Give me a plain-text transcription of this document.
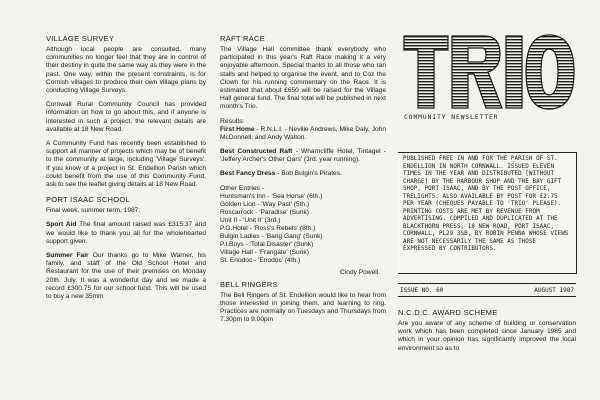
VILLAGE SURVEY

Although local people are consulted, many communities no longer feel that they are in control of their destiny in quite the same way as they were in the past. One way, within the present constraints, is for Cornish villages to produce their own village plans by conducting Village Surveys.

Cornwall Rural Community Council has provided information on how to go about this, and if anyone is interested in such a project, the relevant details are available at 18 New Road.

A Community Fund has recently been established to support all manner of projects which may be of benefit to the community at large, including 'Village Surveys'. If you know of a project in St. Endellion Parish which could benefit from the use of this Community Fund, ask to see the leaflet giving details at 18 New Road.

PORT ISAAC SCHOOL

Final week, summer term, 1987:

Sport Aid The final amount raised was £315.37 and we would like to thank you all for the wholehearted support given.

Summer Fair Our thanks go to Mike Warner, his family, and staff of the Old School Hotel and Restaurant for the use of their premises on Monday 20th. July. It was a wonderful day and we made a record £300.75 for our school fund. This will be used to buy a new 35mm

RAFT RACE

The Village Hall committee thank everybody who participated in this year's Raft Race making it a very enjoyable afternoon. Special thanks to all those who ran stalls and helped to organise the event, and to Coz the Clown for his running commentary on the Race. It is estimated that about £650 will be raised for the Village Hall general fund. The final total will be published in next month's Trio.

Results:

First Home - R.N.L.I. - Neville Andrews, Mike Daly, John McDonnell, and Andy Walton.

Best Constructed Raft - Wharncliffe Hotel, Tintagel - 'Jeffery Archer's Other Oars' (3rd. year running).

Best Fancy Dress - Bob Bulgin's Pirates.

Other Entries -
Huntsman's Inn - 'Sea Horse' (6th.)
Golden Lion - 'Way Past' (5th.)
Roscarrock - 'Paradise' (Sunk)
Unit II - 'Unit II' (3rd.)
P.G.Hotel - 'Ross's Rebels' (8th.)
Bulgin Ladies - 'Bang Gang' (Sunk)
P.I.Boys - 'Total Disaster' (Sunk)
Village Hall - 'Frangate' (Sunk)
St. Enodoc - 'Enodoc' (4th.)
Cindy Powell.
BELL RINGERS

The Bell Ringers of St. Endellion would like to hear from those interested in joining them, and learning to ring. Practices are normally on Tuesdays and Thursdays from 7.30pm to 9.00pm

COMMUNITY NEWSLETTER

PUBLISHED FREE IN AND FOR THE PARISH OF ST. ENDELLION IN NORTH CORNWALL. ISSUED ELEVEN TIMES IN THE YEAR AND DISTRIBUTED [WITHOUT CHARGE] BY THE HARBOUR SHOP AND THE BAY GIFT SHOP, PORT ISAAC, AND BY THE POST OFFICE, TRELIGHTS. ALSO AVAILABLE BY POST FOR £2.75 PER YEAR (CHEQUES PAYABLE TO 'TRIO' PLEASE). PRINTING COSTS ARE MET BY REVENUE FROM ADVERTISING. COMPILED AND DUPLICATED AT THE BLACKTHORN PRESS, 18 NEW ROAD, PORT ISAAC, CORNWALL, PL29 3SB, BY ROBIN PENNA WHOSE VIEWS ARE NOT NECESSARILY THE SAME AS THOSE EXPRESSED BY CONTRIBUTORS.

ISSUE NO. 60	AUGUST 1987
N.C.D.C. AWARD SCHEME

Are you aware of any scheme of building or conservation work which has been completed since January 1985 and which in your opinion has significantly improved the local environment so as to
